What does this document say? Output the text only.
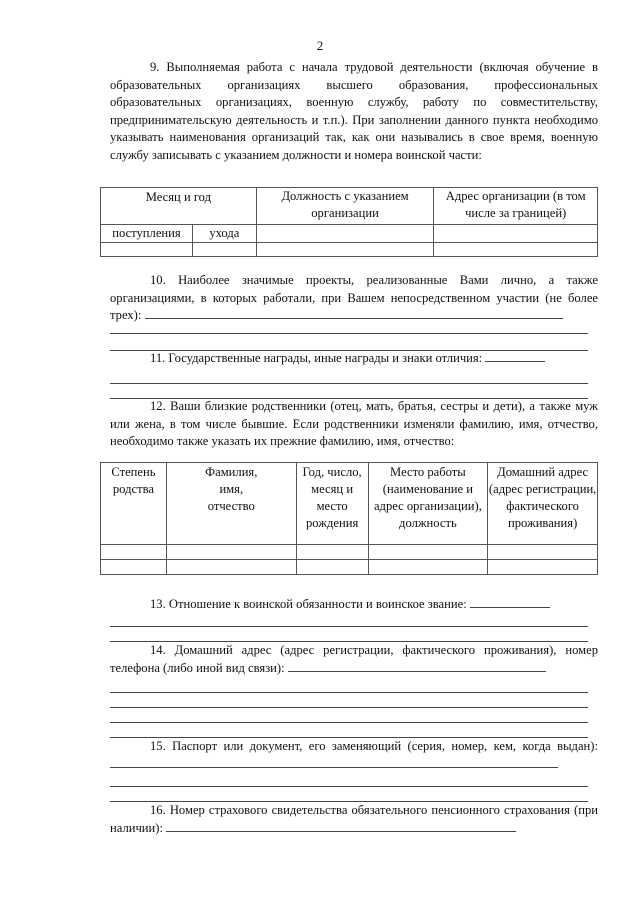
2
9. Выполняемая работа с начала трудовой деятельности (включая обучение в образовательных организациях высшего образования, профессиональных образовательных организациях, военную службу, работу по совместительству, предпринимательскую деятельность и т.п.). При заполнении данного пункта необходимо указывать наименования организаций так, как они назывались в свое время, военную службу записывать с указанием должности и номера воинской части:
Месяц и год		Должность с указанием организации	Адрес организации (в том числе за границей)

поступления	ухода		

10. Наиболее значимые проекты, реализованные Вами лично, а также организациями, в которых работали, при Вашем непосредственном участии (не более трех):
11. Государственные награды, иные награды и знаки отличия:
12. Ваши близкие родственники (отец, мать, братья, сестры и дети), а также муж или жена, в том числе бывшие. Если родственники изменяли фамилию, имя, отчество, необходимо также указать их прежние фамилию, имя, отчество:
Степень родства	Фамилия, имя, отчество	Год, число, месяц и место рождения	Место работы (наименование и адрес организации), должность	Домашний адрес (адрес регистрации, фактического проживания)

13. Отношение к воинской обязанности и воинское звание:
14. Домашний адрес (адрес регистрации, фактического проживания), номер телефона (либо иной вид связи):
15. Паспорт или документ, его заменяющий (серия, номер, кем, когда выдан):
16. Номер страхового свидетельства обязательного пенсионного страхования (при наличии):
